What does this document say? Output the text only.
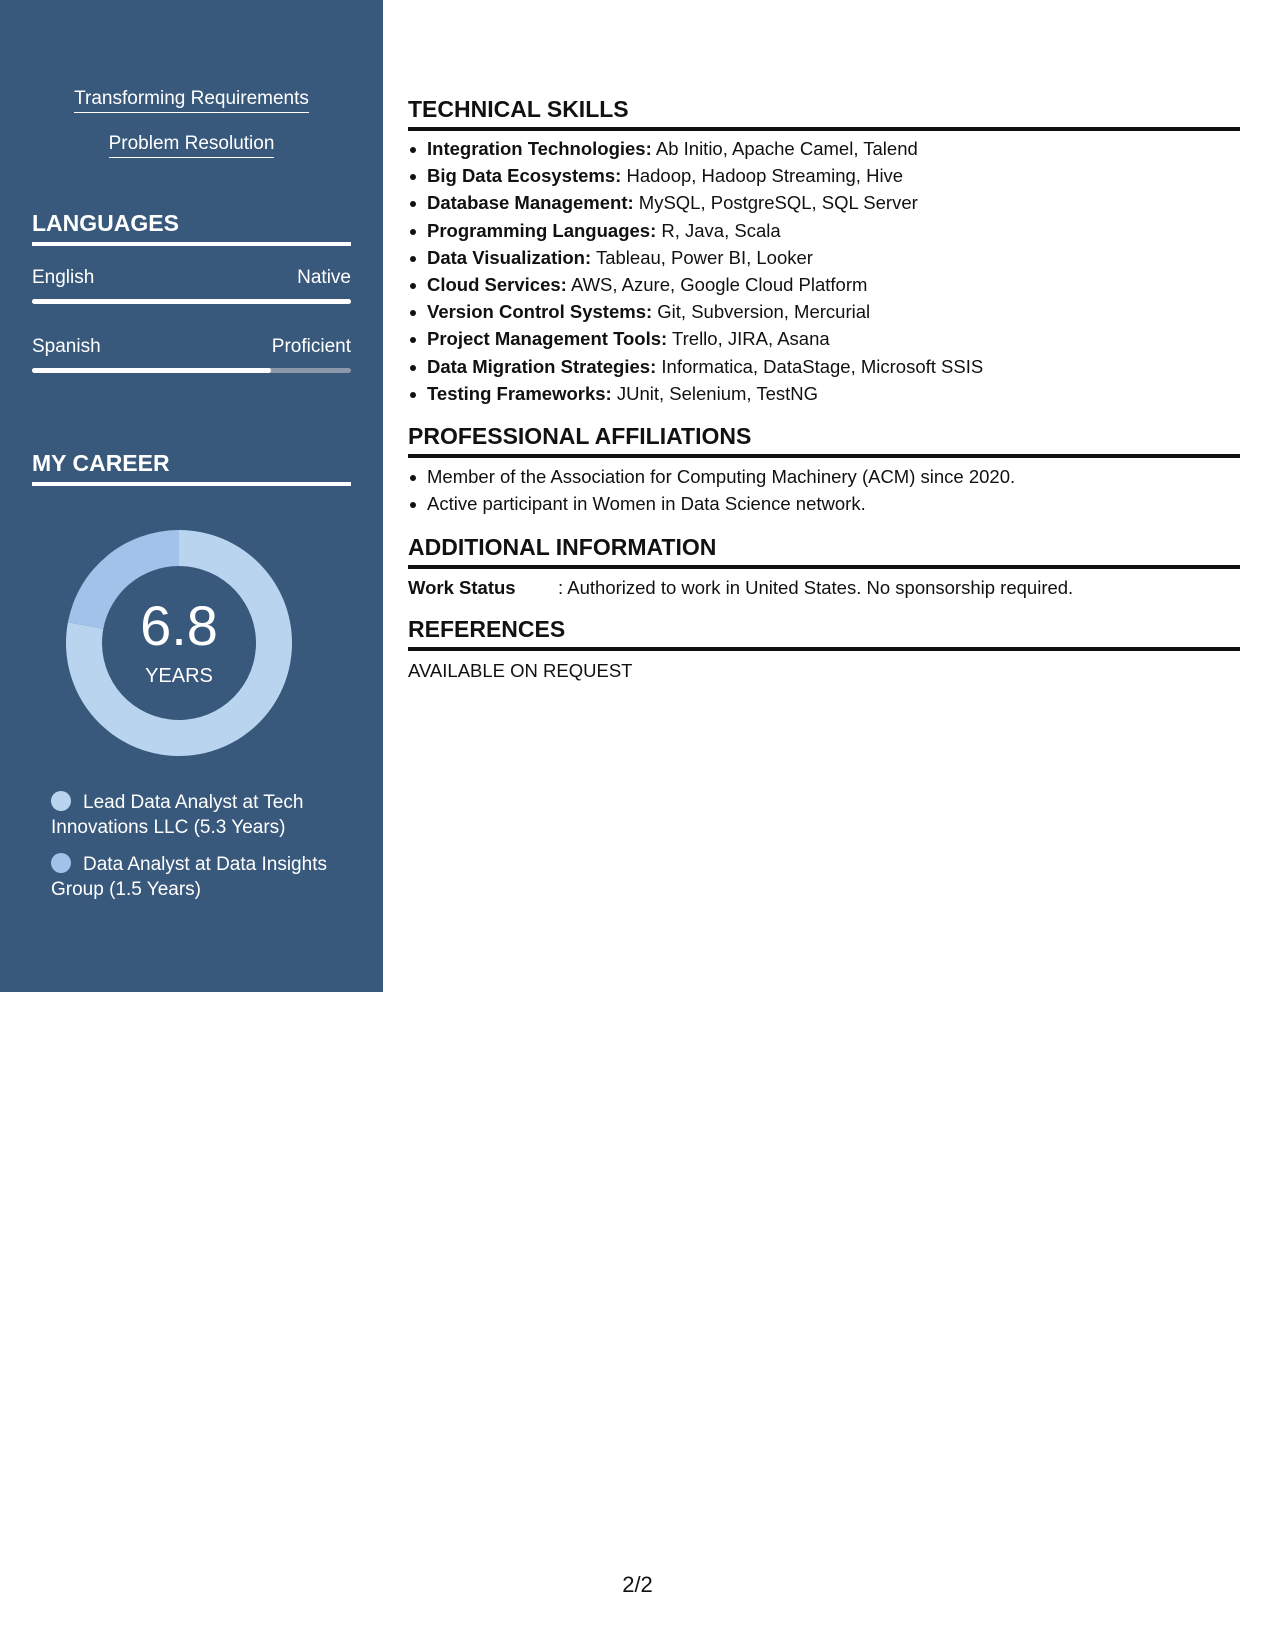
Transforming Requirements
Problem Resolution
LANGUAGES
English	Native
Spanish	Proficient
MY CAREER
6.8
YEARS
Lead Data Analyst at Tech Innovations LLC (5.3 Years)
Data Analyst at Data Insights Group (1.5 Years)
TECHNICAL SKILLS
Integration Technologies: Ab Initio, Apache Camel, Talend
Big Data Ecosystems: Hadoop, Hadoop Streaming, Hive
Database Management: MySQL, PostgreSQL, SQL Server
Programming Languages: R, Java, Scala
Data Visualization: Tableau, Power BI, Looker
Cloud Services: AWS, Azure, Google Cloud Platform
Version Control Systems: Git, Subversion, Mercurial
Project Management Tools: Trello, JIRA, Asana
Data Migration Strategies: Informatica, DataStage, Microsoft SSIS
Testing Frameworks: JUnit, Selenium, TestNG
PROFESSIONAL AFFILIATIONS
Member of the Association for Computing Machinery (ACM) since 2020.
Active participant in Women in Data Science network.
ADDITIONAL INFORMATION
Work Status : Authorized to work in United States. No sponsorship required.
REFERENCES
AVAILABLE ON REQUEST
2/2
